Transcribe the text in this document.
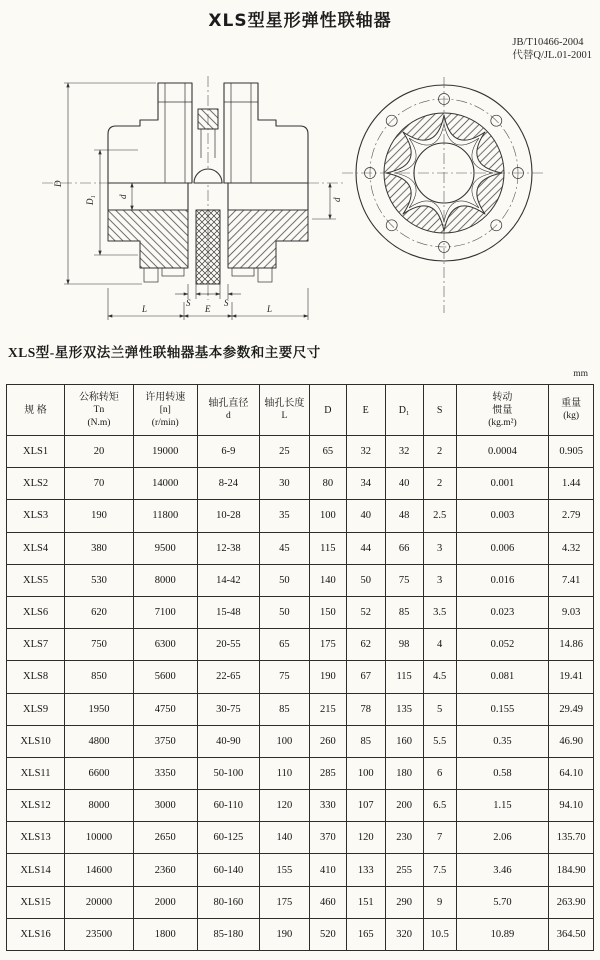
XLS型星形弹性联轴器
JB/T10466-2004
代替Q/JL.01-2001
D
D₁	d
d
S	S
L	E	L
XLS型-星形双法兰弹性联轴器基本参数和主要尺寸
mm
规 格

公称转矩
Tn
(N.m)

许用转速
[n]
(r/min)

轴孔直径
d

轴孔长度
L

D	E	D₁	S

转动
惯量
(kg.m²)

重量
(kg)

XLS1	20	19000	6-9	25	65	32	32	2	0.0004	0.905
XLS2	70	14000	8-24	30	80	34	40	2	0.001	1.44
XLS3	190	11800	10-28	35	100	40	48	2.5	0.003	2.79
XLS4	380	9500	12-38	45	115	44	66	3	0.006	4.32
XLS5	530	8000	14-42	50	140	50	75	3	0.016	7.41
XLS6	620	7100	15-48	50	150	52	85	3.5	0.023	9.03
XLS7	750	6300	20-55	65	175	62	98	4	0.052	14.86
XLS8	850	5600	22-65	75	190	67	115	4.5	0.081	19.41
XLS9	1950	4750	30-75	85	215	78	135	5	0.155	29.49
XLS10	4800	3750	40-90	100	260	85	160	5.5	0.35	46.90
XLS11	6600	3350	50-100	110	285	100	180	6	0.58	64.10
XLS12	8000	3000	60-110	120	330	107	200	6.5	1.15	94.10
XLS13	10000	2650	60-125	140	370	120	230	7	2.06	135.70
XLS14	14600	2360	60-140	155	410	133	255	7.5	3.46	184.90
XLS15	20000	2000	80-160	175	460	151	290	9	5.70	263.90
XLS16	23500	1800	85-180	190	520	165	320	10.5	10.89	364.50
